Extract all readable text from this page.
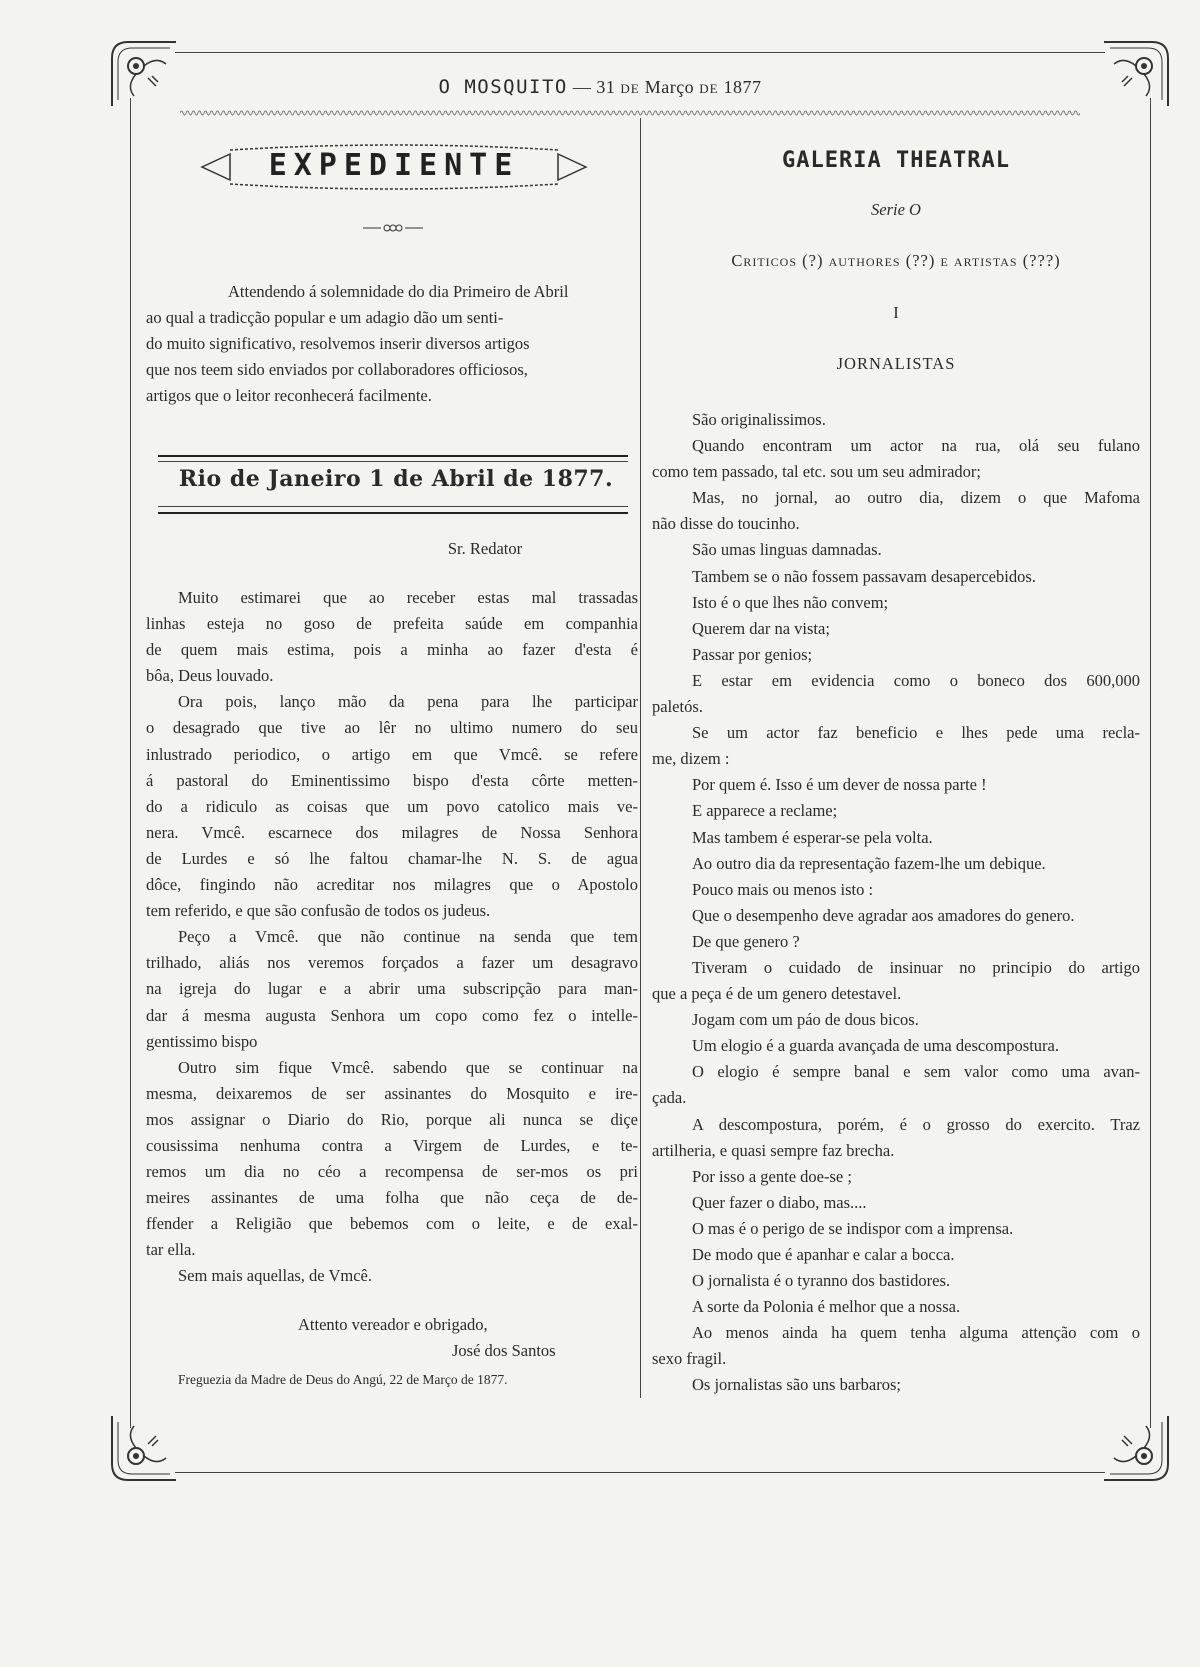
O MOSQUITO — 31 DE Março DE 1877
EXPEDIENTE
Attendendo á solemnidade do dia Primeiro de Abril
ao qual a tradicção popular e um adagio dão um senti-
do muito significativo, resolvemos inserir diversos artigos
que nos teem sido enviados por collaboradores officiosos,
artigos que o leitor reconhecerá facilmente.
Rio de Janeiro 1 de Abril de 1877.
Sr. Redator
Muito estimarei que ao receber estas mal trassadas
linhas esteja no goso de prefeita saúde em companhia
de quem mais estima, pois a minha ao fazer d'esta é
bôa, Deus louvado.
Ora pois, lanço mão da pena para lhe participar
o desagrado que tive ao lêr no ultimo numero do seu
inlustrado periodico, o artigo em que Vmcê. se refere
á pastoral do Eminentissimo bispo d'esta côrte metten-
do a ridiculo as coisas que um povo catolico mais ve-
nera. Vmcê. escarnece dos milagres de Nossa Senhora
de Lurdes e só lhe faltou chamar-lhe N. S. de agua
dôce, fingindo não acreditar nos milagres que o Apostolo
tem referido, e que são confusão de todos os judeus.
Peço a Vmcê. que não continue na senda que tem
trilhado, aliás nos veremos forçados a fazer um desagravo
na igreja do lugar e a abrir uma subscripção para man-
dar á mesma augusta Senhora um copo como fez o intelle-
gentissimo bispo
Outro sim fique Vmcê. sabendo que se continuar na
mesma, deixaremos de ser assinantes do Mosquito e ire-
mos assignar o Diario do Rio, porque ali nunca se diçe
cousissima nenhuma contra a Virgem de Lurdes, e te-
remos um dia no céo a recompensa de ser-mos os pri
meires assinantes de uma folha que não ceça de de-
ffender a Religião que bebemos com o leite, e de exal-
tar ella.
Sem mais aquellas, de Vmcê.
Attento vereador e obrigado,
José dos Santos
Freguezia da Madre de Deus do Angú, 22 de Março de 1877.
GALERIA THEATRAL
Serie O
Criticos (?) authores (??) e artistas (???)
I
JORNALISTAS
São originalissimos.
Quando encontram um actor na rua, olá seu fulano
como tem passado, tal etc. sou um seu admirador;
Mas, no jornal, ao outro dia, dizem o que Mafoma
não disse do toucinho.
São umas linguas damnadas.
Tambem se o não fossem passavam desapercebidos.
Isto é o que lhes não convem;
Querem dar na vista;
Passar por genios;
E estar em evidencia como o boneco dos 600,000
paletós.
Se um actor faz beneficio e lhes pede uma recla-
me, dizem :
Por quem é. Isso é um dever de nossa parte !
E apparece a reclame;
Mas tambem é esperar-se pela volta.
Ao outro dia da representação fazem-lhe um debique.
Pouco mais ou menos isto :
Que o desempenho deve agradar aos amadores do genero.
De que genero ?
Tiveram o cuidado de insinuar no principio do artigo
que a peça é de um genero detestavel.
Jogam com um páo de dous bicos.
Um elogio é a guarda avançada de uma descompostura.
O elogio é sempre banal e sem valor como uma avan-
çada.
A descompostura, porém, é o grosso do exercito. Traz
artilheria, e quasi sempre faz brecha.
Por isso a gente doe-se ;
Quer fazer o diabo, mas....
O mas é o perigo de se indispor com a imprensa.
De modo que é apanhar e calar a bocca.
O jornalista é o tyranno dos bastidores.
A sorte da Polonia é melhor que a nossa.
Ao menos ainda ha quem tenha alguma attenção com o
sexo fragil.
Os jornalistas são uns barbaros;
